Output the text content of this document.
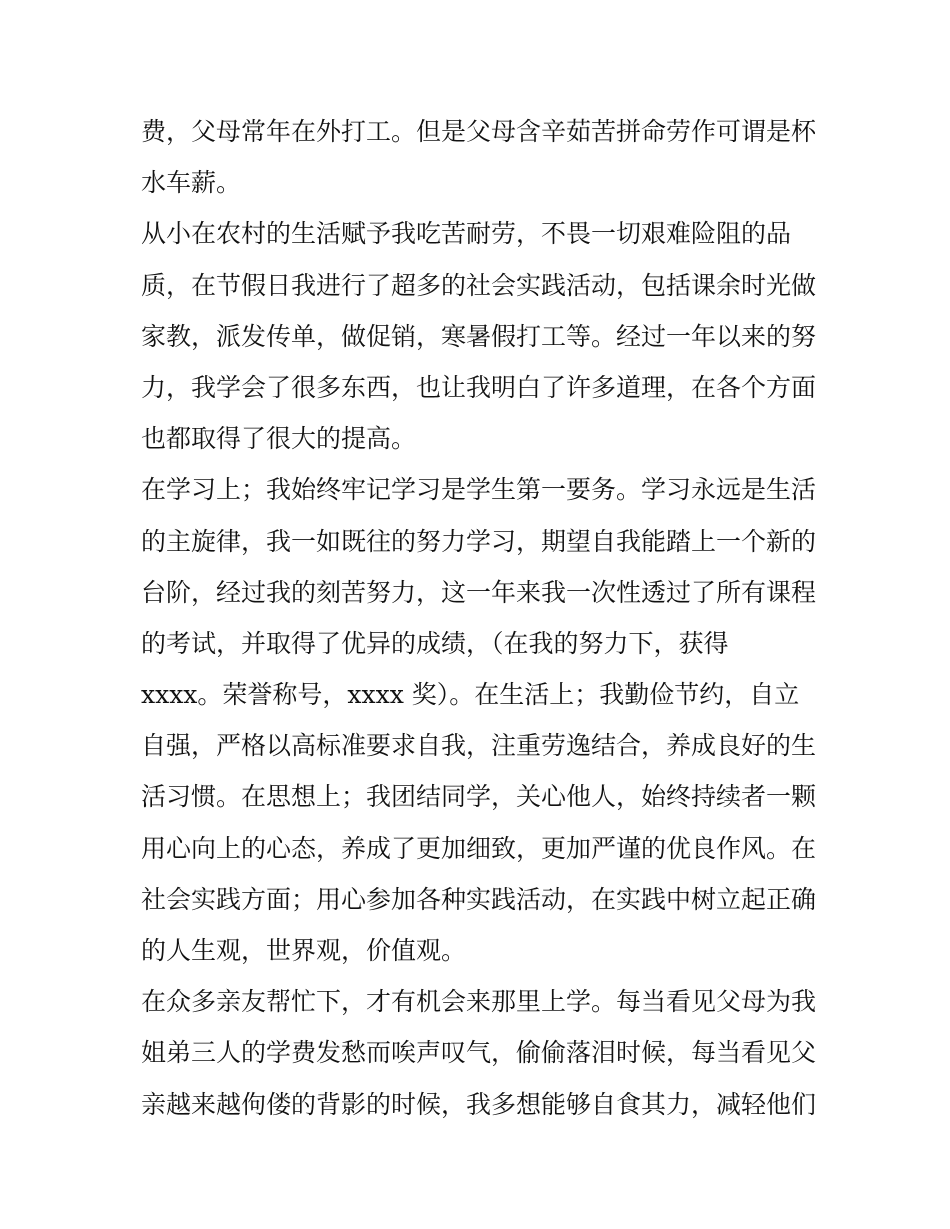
费，父母常年在外打工。但是父母含辛茹苦拼命劳作可谓是杯
水车薪。
从小在农村的生活赋予我吃苦耐劳，不畏一切艰难险阻的品
质，在节假日我进行了超多的社会实践活动，包括课余时光做
家教，派发传单，做促销，寒暑假打工等。经过一年以来的努
力，我学会了很多东西，也让我明白了许多道理，在各个方面
也都取得了很大的提高。
在学习上；我始终牢记学习是学生第一要务。学习永远是生活
的主旋律，我一如既往的努力学习，期望自我能踏上一个新的
台阶，经过我的刻苦努力，这一年来我一次性透过了所有课程
的考试，并取得了优异的成绩，（在我的努力下，获得
xxxx。荣誉称号，xxxx 奖）。在生活上；我勤俭节约，自立
自强，严格以高标准要求自我，注重劳逸结合，养成良好的生
活习惯。在思想上；我团结同学，关心他人，始终持续者一颗
用心向上的心态，养成了更加细致，更加严谨的优良作风。在
社会实践方面；用心参加各种实践活动，在实践中树立起正确
的人生观，世界观，价值观。
在众多亲友帮忙下，才有机会来那里上学。每当看见父母为我
姐弟三人的学费发愁而唉声叹气，偷偷落泪时候，每当看见父
亲越来越佝偻的背影的时候，我多想能够自食其力，减轻他们
